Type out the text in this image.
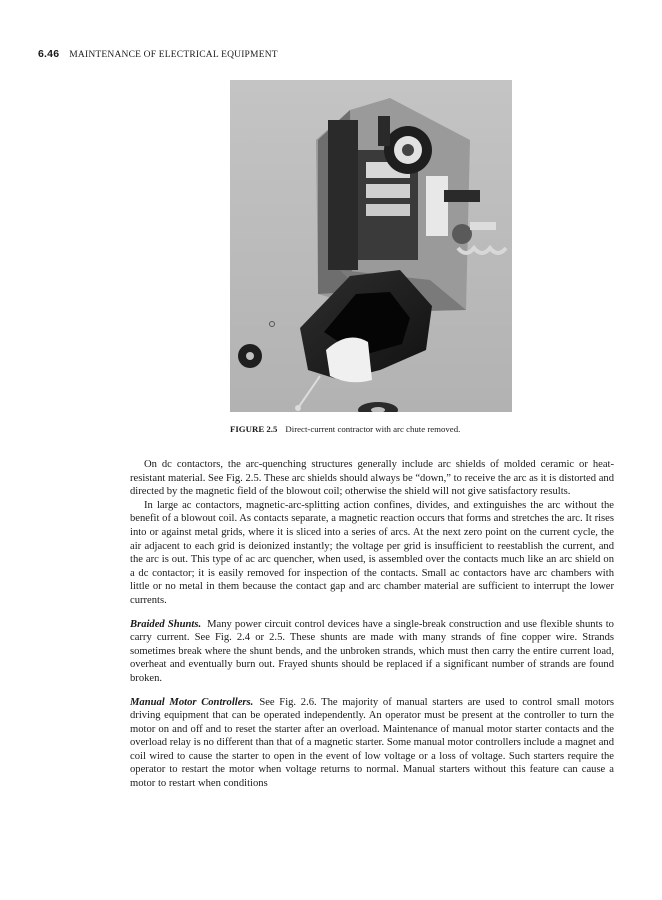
6.46 MAINTENANCE OF ELECTRICAL EQUIPMENT
FIGURE 2.5 Direct-current contractor with arc chute removed.

On dc contactors, the arc-quenching structures generally include arc shields of molded ceramic or heat-resistant material. See Fig. 2.5. These arc shields should always be “down,” to receive the arc as it is distorted and directed by the magnetic field of the blowout coil; otherwise the shield will not give satisfactory results.

In large ac contactors, magnetic-arc-splitting action confines, divides, and extinguishes the arc without the benefit of a blowout coil. As contacts separate, a magnetic reaction occurs that forms and stretches the arc. It rises into or against metal grids, where it is sliced into a series of arcs. At the next zero point on the current cycle, the air adjacent to each grid is deionized instantly; the voltage per grid is insufficient to reestablish the current, and the arc is out. This type of ac arc quencher, when used, is assembled over the contacts much like an arc shield on a dc contactor; it is easily removed for inspection of the contacts. Small ac contactors have arc chambers with little or no metal in them because the contact gap and arc chamber material are sufficient to interrupt the lower currents.

Braided Shunts. Many power circuit control devices have a single-break construction and use flexible shunts to carry current. See Fig. 2.4 or 2.5. These shunts are made with many strands of fine copper wire. Strands sometimes break where the shunt bends, and the unbroken strands, which must then carry the entire current load, overheat and eventually burn out. Frayed shunts should be replaced if a significant number of strands are found broken.

Manual Motor Controllers. See Fig. 2.6. The majority of manual starters are used to control small motors driving equipment that can be operated independently. An operator must be present at the controller to turn the motor on and off and to reset the starter after an overload. Maintenance of manual motor starter contacts and the overload relay is no different than that of a magnetic starter. Some manual motor controllers include a magnet and coil wired to cause the starter to open in the event of low voltage or a loss of voltage. Such starters require the operator to restart the motor when voltage returns to normal. Manual starters without this feature can cause a motor to restart when conditions
